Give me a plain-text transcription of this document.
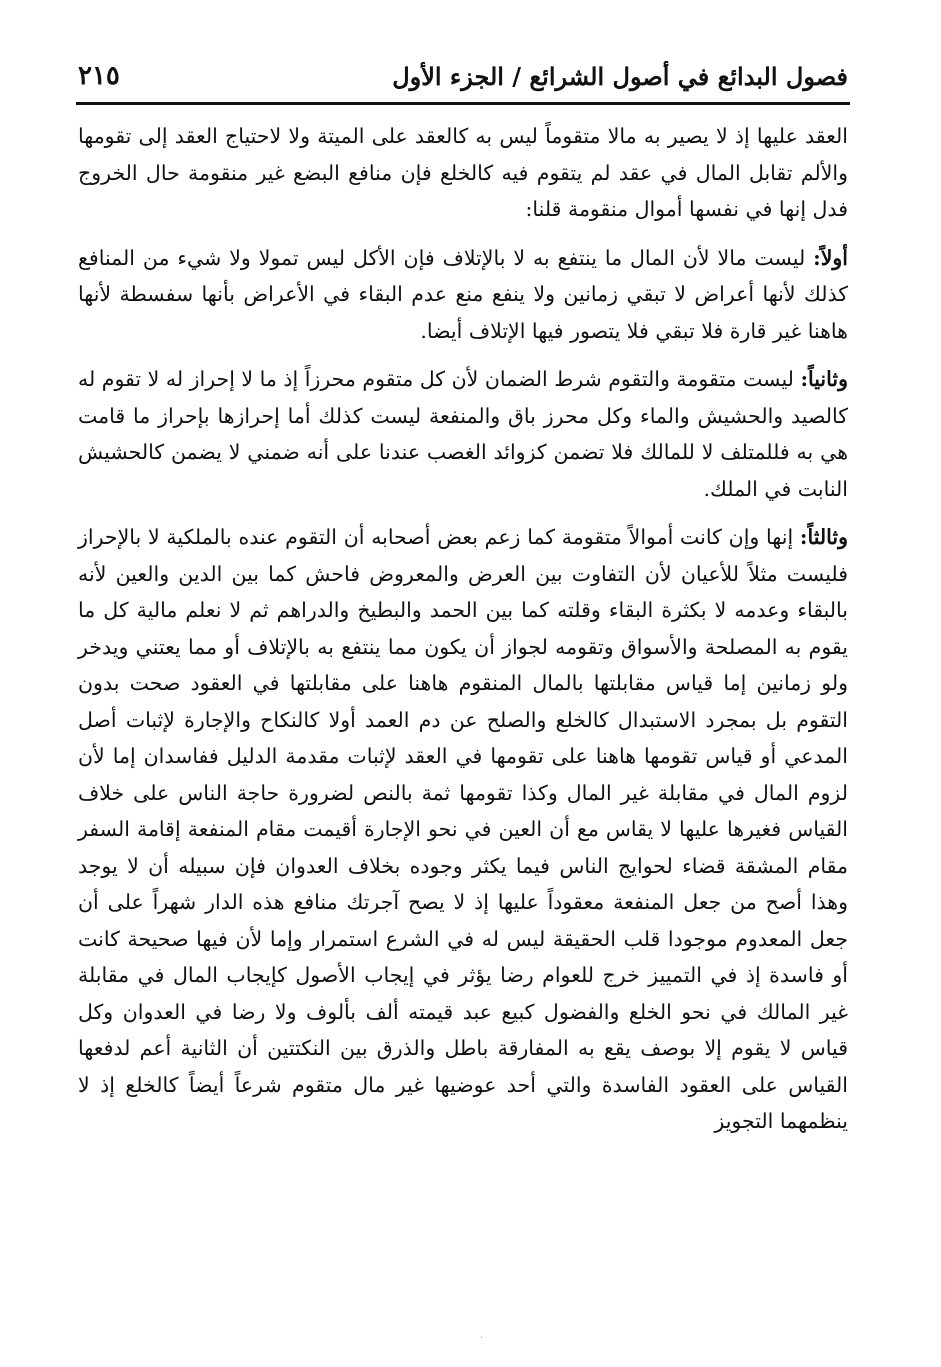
فصول البدائع في أصول الشرائع / الجزء الأول
٢١٥

العقد عليها إذ لا يصير به مالا متقوماً ليس به كالعقد على الميتة ولا لاحتياج العقد إلى تقومها والألم تقابل المال في عقد لم يتقوم فيه كالخلع فإن منافع البضع غير منقومة حال الخروج فدل إنها في نفسها أموال منقومة قلنا:

أولاً: ليست مالا لأن المال ما ينتفع به لا بالإتلاف فإن الأكل ليس تمولا ولا شيء من المنافع كذلك لأنها أعراض لا تبقي زمانين ولا ينفع منع عدم البقاء في الأعراض بأنها سفسطة لأنها هاهنا غير قارة فلا تبقي فلا يتصور فيها الإتلاف أيضا.

وثانياً: ليست متقومة والتقوم شرط الضمان لأن كل متقوم محرزاً إذ ما لا إحراز له لا تقوم له كالصيد والحشيش والماء وكل محرز باق والمنفعة ليست كذلك أما إحرازها بإحراز ما قامت هي به فللمتلف لا للمالك فلا تضمن كزوائد الغصب عندنا على أنه ضمني لا يضمن كالحشيش النابت في الملك.

وثالثاً: إنها وإن كانت أموالاً متقومة كما زعم بعض أصحابه أن التقوم عنده بالملكية لا بالإحراز فليست مثلاً للأعيان لأن التفاوت بين العرض والمعروض فاحش كما بين الدين والعين لأنه بالبقاء وعدمه لا بكثرة البقاء وقلته كما بين الحمد والبطيخ والدراهم ثم لا نعلم مالية كل ما يقوم به المصلحة والأسواق وتقومه لجواز أن يكون مما ينتفع به بالإتلاف أو مما يعتني ويدخر ولو زمانين إما قياس مقابلتها بالمال المنقوم هاهنا على مقابلتها في العقود صحت بدون التقوم بل بمجرد الاستبدال كالخلع والصلح عن دم العمد أولا كالنكاح والإجارة لإثبات أصل المدعي أو قياس تقومها هاهنا على تقومها في العقد لإثبات مقدمة الدليل ففاسدان إما لأن لزوم المال في مقابلة غير المال وكذا تقومها ثمة بالنص لضرورة حاجة الناس على خلاف القياس فغيرها عليها لا يقاس مع أن العين في نحو الإجارة أقيمت مقام المنفعة إقامة السفر مقام المشقة قضاء لحوايج الناس فيما يكثر وجوده بخلاف العدوان فإن سبيله أن لا يوجد وهذا أصح من جعل المنفعة معقوداً عليها إذ لا يصح آجرتك منافع هذه الدار شهراً على أن جعل المعدوم موجودا قلب الحقيقة ليس له في الشرع استمرار وإما لأن فيها صحيحة كانت أو فاسدة إذ في التمييز خرج للعوام رضا يؤثر في إيجاب الأصول كإيجاب المال في مقابلة غير المالك في نحو الخلع والفضول كبيع عبد قيمته ألف بألوف ولا رضا في العدوان وكل قياس لا يقوم إلا بوصف يقع به المفارقة باطل والذرق بين النكتتين أن الثانية أعم لدفعها القياس على العقود الفاسدة والتي أحد عوضيها غير مال متقوم شرعاً أيضاً كالخلع إذ لا ينظمهما التجويز

.
